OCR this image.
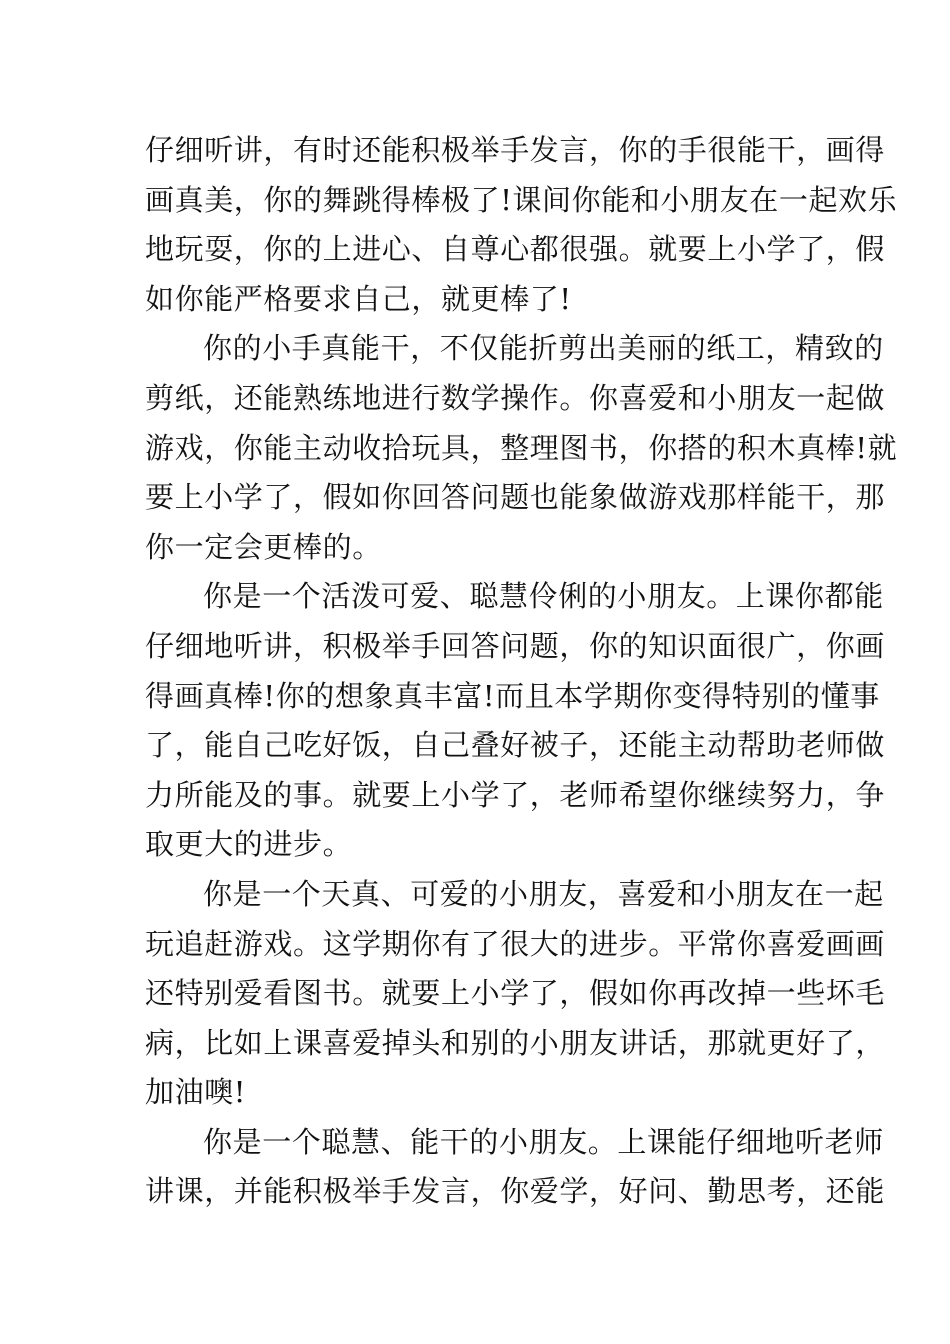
仔细听讲，有时还能积极举手发言，你的手很能干，画得
画真美，你的舞跳得棒极了!课间你能和小朋友在一起欢乐
地玩耍，你的上进心、自尊心都很强。就要上小学了，假
如你能严格要求自己，就更棒了!
你的小手真能干，不仅能折剪出美丽的纸工，精致的
剪纸，还能熟练地进行数学操作。你喜爱和小朋友一起做
游戏，你能主动收拾玩具，整理图书，你搭的积木真棒!就
要上小学了，假如你回答问题也能象做游戏那样能干，那
你一定会更棒的。
你是一个活泼可爱、聪慧伶俐的小朋友。上课你都能
仔细地听讲，积极举手回答问题，你的知识面很广，你画
得画真棒!你的想象真丰富!而且本学期你变得特别的懂事
了，能自己吃好饭，自己叠好被子，还能主动帮助老师做
力所能及的事。就要上小学了，老师希望你继续努力，争
取更大的进步。
你是一个天真、可爱的小朋友，喜爱和小朋友在一起
玩追赶游戏。这学期你有了很大的进步。平常你喜爱画画
还特别爱看图书。就要上小学了，假如你再改掉一些坏毛
病，比如上课喜爱掉头和别的小朋友讲话，那就更好了，
加油噢!
你是一个聪慧、能干的小朋友。上课能仔细地听老师
讲课，并能积极举手发言，你爱学，好问、勤思考，还能
